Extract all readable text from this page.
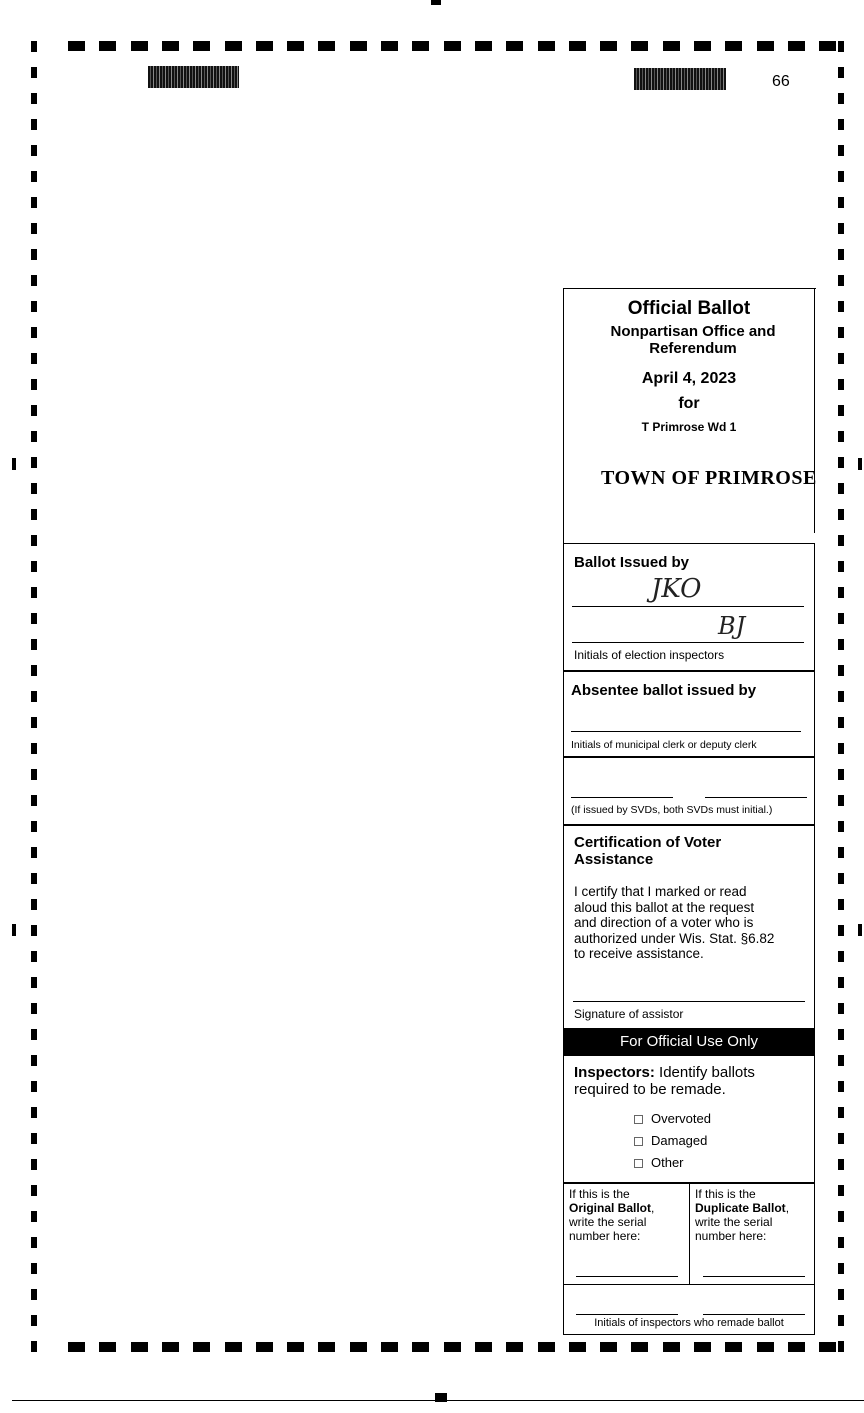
66
Official Ballot
Nonpartisan Office and Referendum
April 4, 2023
for
T Primrose Wd 1
TOWN OF PRIMROSE
Ballot Issued by
JKO
BJ
Initials of election inspectors
Absentee ballot issued by
Initials of municipal clerk or deputy clerk
(If issued by SVDs, both SVDs must initial.)
Certification of Voter Assistance
I certify that I marked or read
aloud this ballot at the request
and direction of a voter who is
authorized under Wis. Stat. §6.82
to receive assistance.
Signature of assistor
For Official Use Only
Inspectors: Identify ballots
required to be remade.
Overvoted
Damaged
Other
If this is the
Original Ballot,
write the serial
number here:
If this is the
Duplicate Ballot,
write the serial
number here:
Initials of inspectors who remade ballot
